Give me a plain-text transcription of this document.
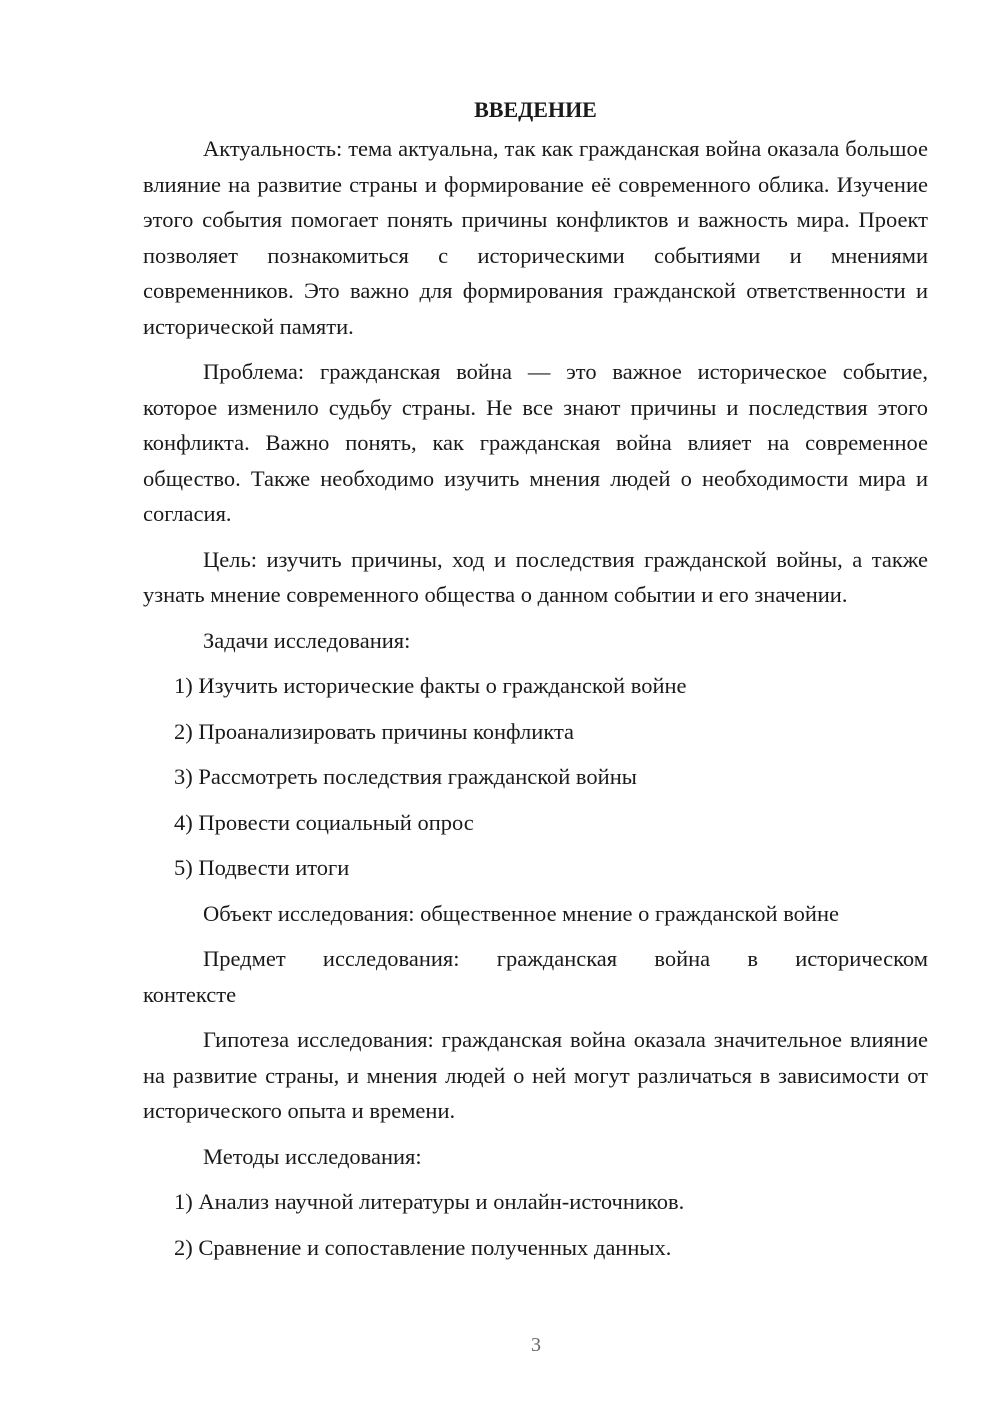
ВВЕДЕНИЕ

Актуальность: тема актуальна, так как гражданская война оказала большое влияние на развитие страны и формирование её современного облика. Изучение этого события помогает понять причины конфликтов и важность мира. Проект позволяет познакомиться с историческими событиями и мнениями современников. Это важно для формирования гражданской ответственности и исторической памяти.

Проблема: гражданская война — это важное историческое событие, которое изменило судьбу страны. Не все знают причины и последствия этого конфликта. Важно понять, как гражданская война влияет на современное общество. Также необходимо изучить мнения людей о необходимости мира и согласия.

Цель: изучить причины, ход и последствия гражданской войны, а также узнать мнение современного общества о данном событии и его значении.

Задачи исследования:

1) Изучить исторические факты о гражданской войне

2) Проанализировать причины конфликта

3) Рассмотреть последствия гражданской войны

4) Провести социальный опрос

5) Подвести итоги

Объект исследования: общественное мнение о гражданской войне

Предмет исследования: гражданская война в историческом контексте

Гипотеза исследования: гражданская война оказала значительное влияние на развитие страны, и мнения людей о ней могут различаться в зависимости от исторического опыта и времени.

Методы исследования:

1) Анализ научной литературы и онлайн-источников.

2) Сравнение и сопоставление полученных данных.

3
